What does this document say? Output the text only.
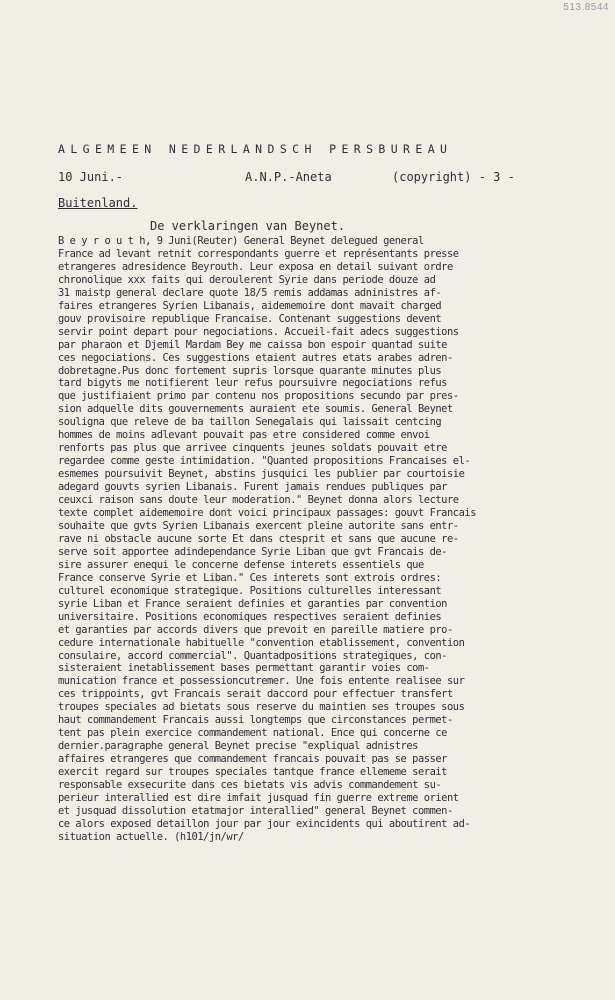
513.8544
ALGEMEEN NEDERLANDSCH PERSBUREAU
10 Juni.-	A.N.P.-Aneta	(copyright) - 3 -
Buitenland.
De verklaringen van Beynet.
B e y r o u t h, 9 Juni(Reuter) General Beynet delegued general
France ad levant retnit correspondants guerre et représentants presse
etrangeres adresidence Beyrouth. Leur exposa en detail suivant ordre
chronolique xxx faits qui deroulerent Syrie dans periode douze ad
31 maistp general declare quote 18/5 remis addamas adninistres af-
faires etrangeres Syrien Libanais, aidememoire dont mavait charged
gouv provisoire republique Francaise. Contenant suggestions devent
servir point depart pour negociations. Accueil-fait adecs suggestions
par pharaon et Djemil Mardam Bey me caissa bon espoir quantad suite
ces negociations. Ces suggestions etaient autres etats arabes adren-
dobretagne.Pus donc fortement supris lorsque quarante minutes plus
tard bigyts me notifierent leur refus poursuivre negociations refus
que justifiaient primo par contenu nos propositions secundo par pres-
sion adquelle dits gouvernements auraient ete soumis. General Beynet
souligna que releve de ba taillon Senegalais qui laissait centcing
hommes de moins adlevant pouvait pas etre considered comme envoi
renforts pas plus que arrivee cinquents jeunes soldats pouvait etre
regardee comme geste intimidation. "Quanted propositions Francaises el-
esmemes poursuivit Beynet, abstins jusquici les publier par courtoisie
adegard gouvts syrien Libanais. Furent jamais rendues publiques par
ceuxci raison sans doute leur moderation." Beynet donna alors lecture
texte complet aidememoire dont voici principaux passages: gouvt Francais
souhaite que gvts Syrien Libanais exercent pleine autorite sans entr-
rave ni obstacle aucune sorte Et dans ctesprit et sans que aucune re-
serve soit apportee adindependance Syrie Liban que gvt Francais de-
sire assurer enequi le concerne defense interets essentiels que
France conserve Syrie et Liban." Ces interets sont extrois ordres:
culturel economique strategique. Positions culturelles interessant
syrie Liban et France seraient definies et garanties par convention
universitaire. Positions economiques respectives seraient definies
et garanties par accords divers que prevoit en pareille matiere pro-
cedure internationale habituelle "convention etablissement, convention
consulaire, accord commercial". Quantadpositions strategiques, con-
sisteraient inetablissement bases permettant garantir voies com-
munication france et possessioncutremer. Une fois entente realisee sur
ces trippoints, gvt Francais serait daccord pour effectuer transfert
troupes speciales ad bietats sous reserve du maintien ses troupes sous
haut commandement Francais aussi longtemps que circonstances permet-
tent pas plein exercice commandement national. Ence qui concerne ce
dernier.paragraphe general Beynet precise "expliqual adnistres
affaires etrangeres que commandement francais pouvait pas se passer
exercit regard sur troupes speciales tantque france ellememe serait
responsable exsecurite dans ces bietats vis advis commandement su-
perieur interallied est dire imfait jusquad fin guerre extreme orient
et jusquad dissolution etatmajor interallied" general Beynet commen-
ce alors exposed detaillon jour par jour exincidents qui aboutirent ad-
situation actuelle. (h101/jn/wr/
